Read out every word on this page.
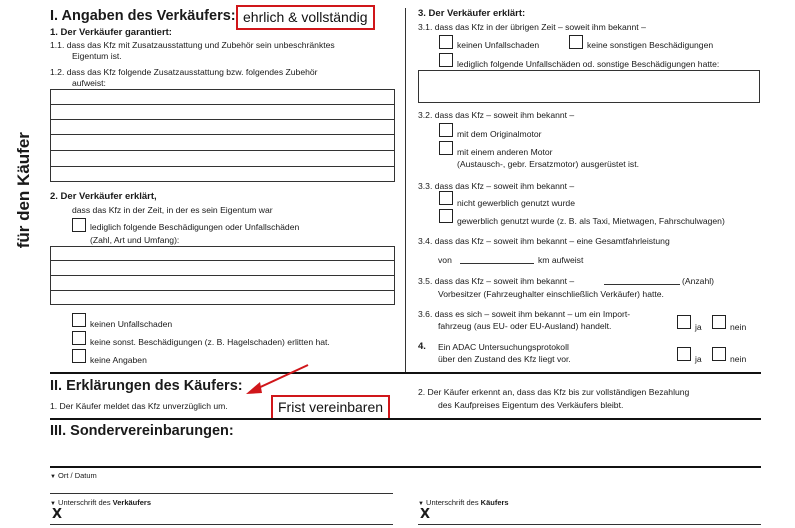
für den Käufer
I. Angaben des Verkäufers: ehrlich & vollständig
1. Der Verkäufer garantiert:
1.1. dass das Kfz mit Zusatzausstattung und Zubehör sein unbeschränktes
Eigentum ist.
1.2. dass das Kfz folgende Zusatzausstattung bzw. folgendes Zubehör
aufweist:
2. Der Verkäufer erklärt,
dass das Kfz in der Zeit, in der es sein Eigentum war
lediglich folgende Beschädigungen oder Unfallschäden
(Zahl, Art und Umfang):
keinen Unfallschaden
keine sonst. Beschädigungen (z. B. Hagelschaden) erlitten hat.
keine Angaben
3. Der Verkäufer erklärt:
3.1. dass das Kfz in der übrigen Zeit – soweit ihm bekannt –
keinen Unfallschaden	keine sonstigen Beschädigungen
lediglich folgende Unfallschäden od. sonstige Beschädigungen hatte:
3.2. dass das Kfz – soweit ihm bekannt –
mit dem Originalmotor
mit einem anderen Motor
(Austausch-, gebr. Ersatzmotor) ausgerüstet ist.
3.3. dass das Kfz – soweit ihm bekannt –
nicht gewerblich genutzt wurde
gewerblich genutzt wurde (z. B. als Taxi, Mietwagen, Fahrschulwagen)
3.4. dass das Kfz – soweit ihm bekannt – eine Gesamtfahrleistung
von	km aufweist
3.5. dass das Kfz – soweit ihm bekannt –	(Anzahl)
Vorbesitzer (Fahrzeughalter einschließlich Verkäufer) hatte.
3.6. dass es sich – soweit ihm bekannt – um ein Import-
fahrzeug (aus EU- oder EU-Ausland) handelt.	ja	nein
4. Ein ADAC Untersuchungsprotokoll
über den Zustand des Kfz liegt vor.	ja	nein
II. Erklärungen des Käufers:
1. Der Käufer meldet das Kfz unverzüglich um.	Frist vereinbaren
2. Der Käufer erkennt an, dass das Kfz bis zur vollständigen Bezahlung
des Kaufpreises Eigentum des Verkäufers bleibt.
III. Sondervereinbarungen:
▼ Ort / Datum
▼ Unterschrift des Verkäufers
X
▼ Unterschrift des Käufers
X
